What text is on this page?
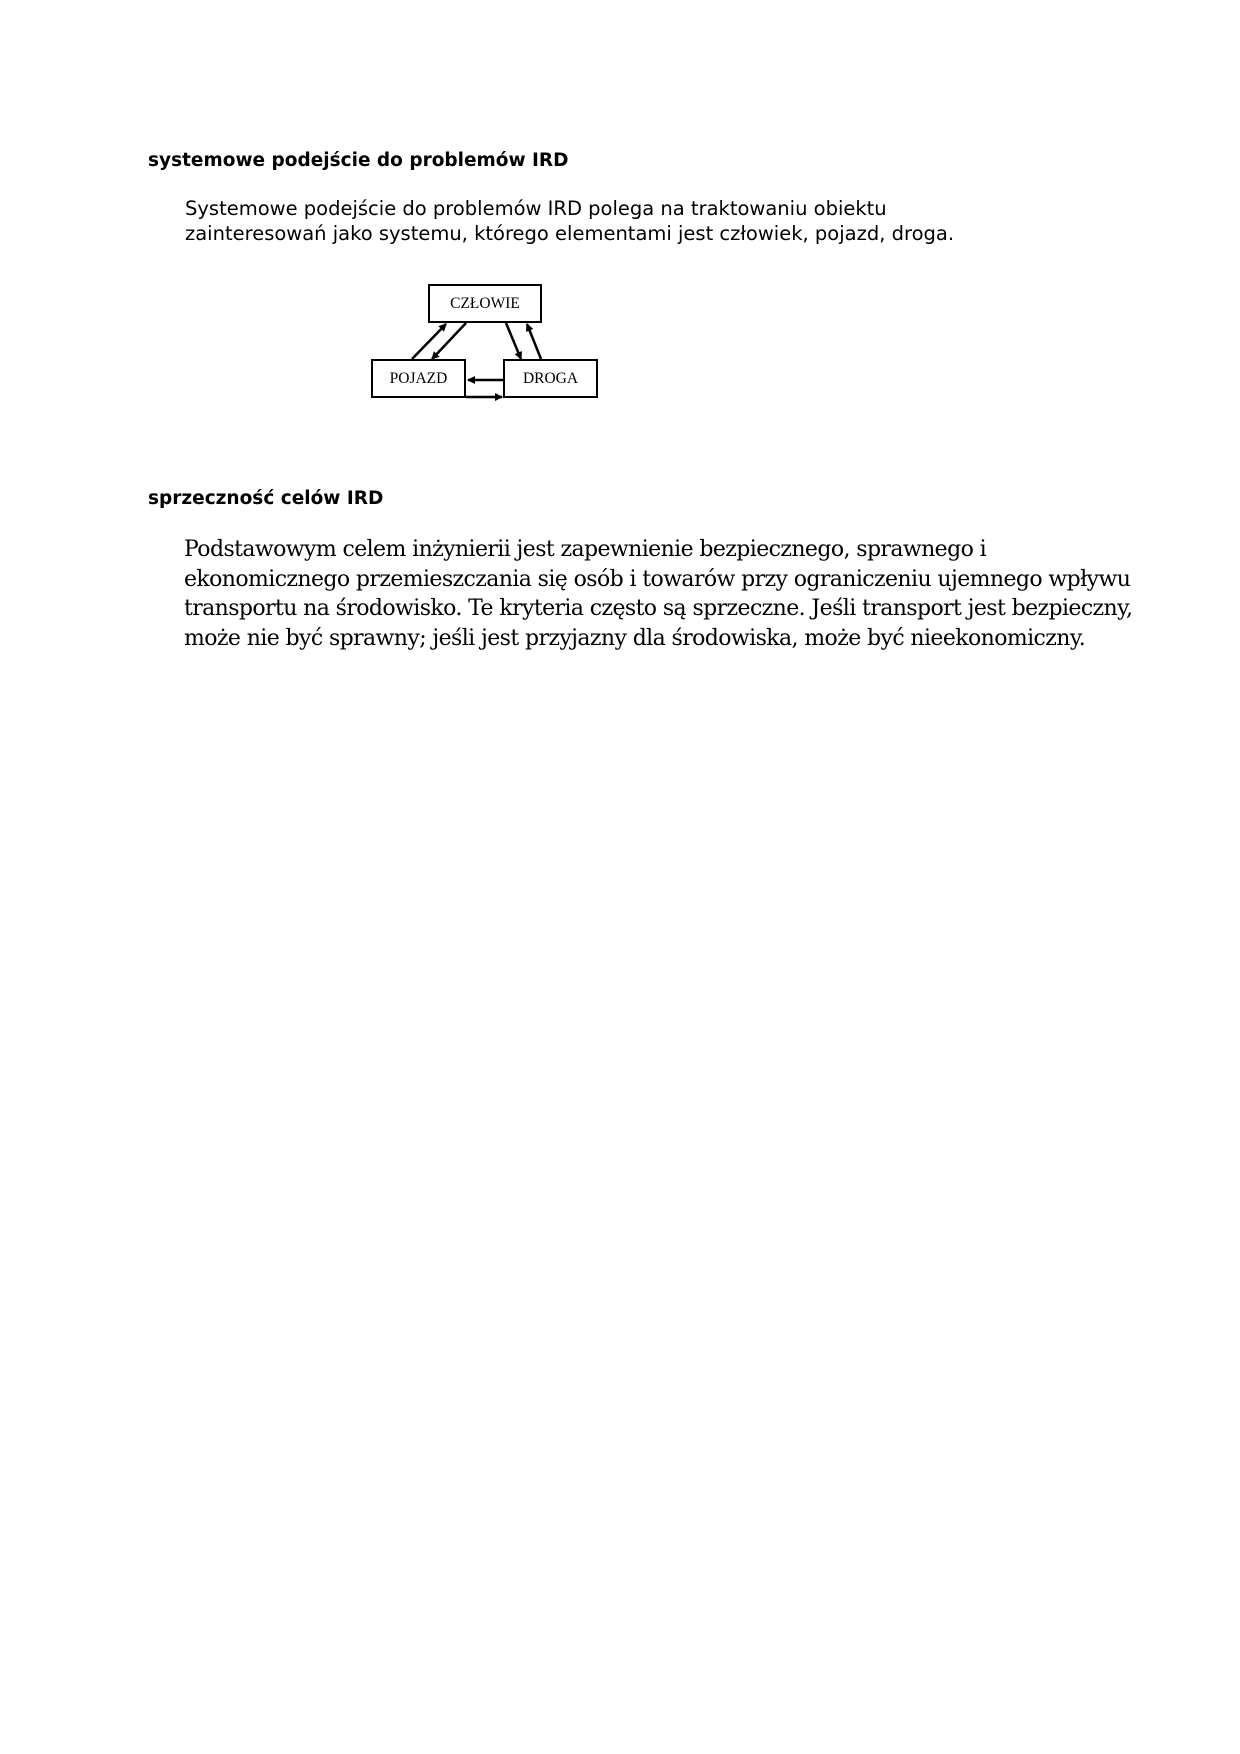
systemowe podejście do problemów IRD

Systemowe podejście do problemów IRD polega na traktowaniu obiektu
zainteresowań jako systemu, którego elementami jest człowiek, pojazd, droga.

CZŁOWIE
POJAZD	DROGA
sprzeczność celów IRD

Podstawowym celem inżynierii jest zapewnienie bezpiecznego, sprawnego i
ekonomicznego przemieszczania się osób i towarów przy ograniczeniu ujemnego wpływu
transportu na środowisko. Te kryteria często są sprzeczne. Jeśli transport jest bezpieczny,
może nie być sprawny; jeśli jest przyjazny dla środowiska, może być nieekonomiczny.
